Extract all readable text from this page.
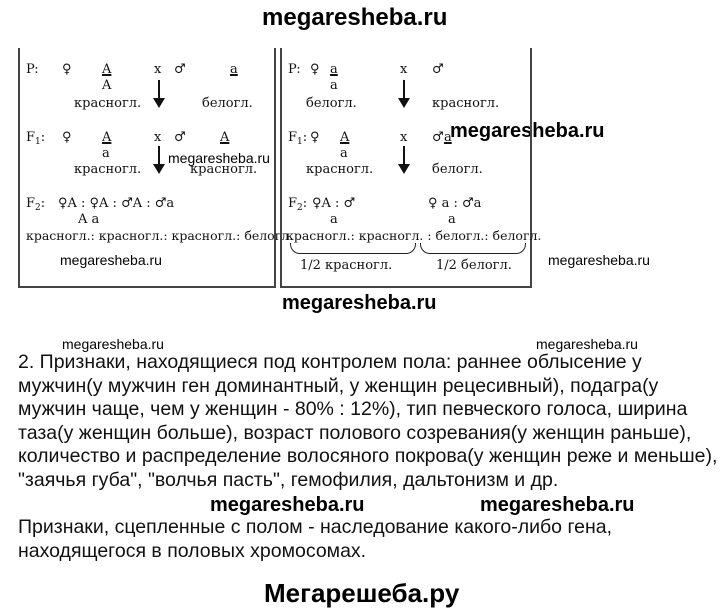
megaresheba.ru
megaresheba.ru
megaresheba.ru
megaresheba.ru	megaresheba.ru
megaresheba.ru
megaresheba.ru	megaresheba.ru
megaresheba.ru	megaresheba.ru
Мегарешеба.ру
P: ♀ A
A
x ♂	a
красногл.	белогл.
$F_1$: ♀ A
a
x ♂	A
красногл.	красногл.
$F_2$: ♀A : ♀A : ♂A : ♂a
A a
красногл.: красногл.: красногл.: белогл.
P: ♀ a
a
x ♂
белогл.	красногл.
$F_1$: ♀ A
a
x ♂ a
красногл.	белогл.
$F_2$: ♀A : ♂
a
♀ a : ♂a
a
красногл.: красногл. : белогл.: белогл.
1/2 красногл.	1/2 белогл.
2. Признаки, находящиеся под контролем пола: раннее облысение у
мужчин(у мужчин ген доминантный, у женщин рецесивный), подагра(у
мужчин чаще, чем у женщин - 80% : 12%), тип певческого голоса, ширина
таза(у женщин больше), возраст полового созревания(у женщин раньше),
количество и распределение волосяного покрова(у женщин реже и меньше),
"заячья губа", "волчья пасть", гемофилия, дальтонизм и др.
Признаки, сцепленные с полом - наследование какого-либо гена,
находящегося в половых хромосомах.
